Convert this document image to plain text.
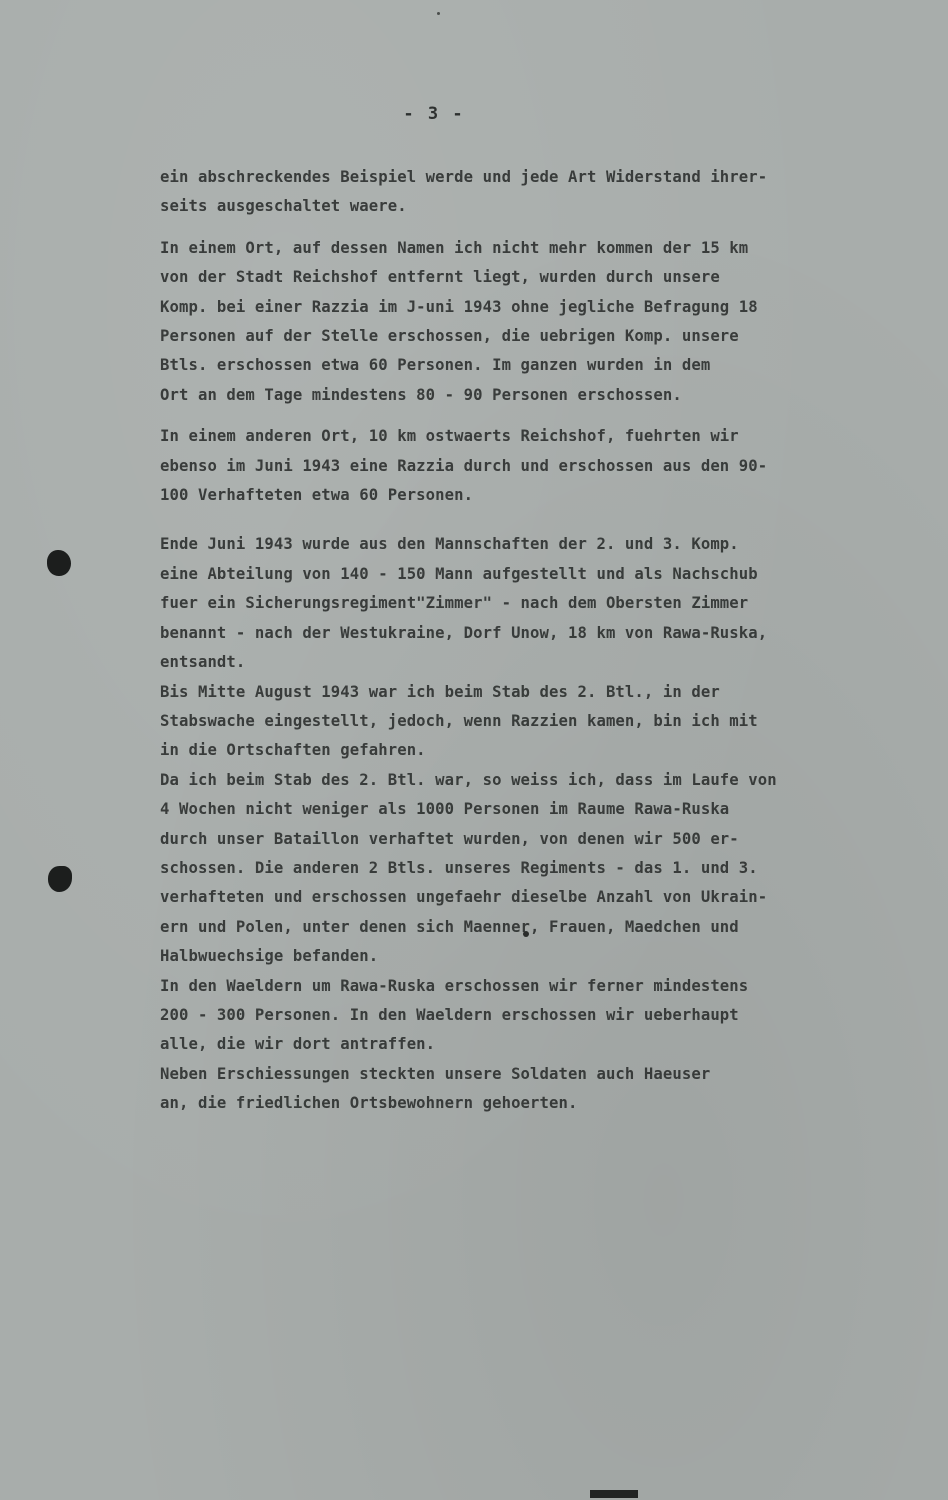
- 3 -
ein abschreckendes Beispiel werde und jede Art Widerstand ihrer-
seits ausgeschaltet waere.
In einem Ort, auf dessen Namen ich nicht mehr kommen der 15 km
von der Stadt Reichshof entfernt liegt, wurden durch unsere
Komp. bei einer Razzia im J-uni 1943 ohne jegliche Befragung 18
Personen auf der Stelle erschossen, die uebrigen Komp. unsere
Btls. erschossen etwa 60 Personen. Im ganzen wurden in dem
Ort an dem Tage mindestens 80 - 90 Personen erschossen.
In einem anderen Ort, 10 km ostwaerts Reichshof, fuehrten wir
ebenso im Juni 1943 eine Razzia durch und erschossen aus den 90-
100 Verhafteten etwa 60 Personen.
Ende Juni 1943 wurde aus den Mannschaften der 2. und 3. Komp.
eine Abteilung von 140 - 150 Mann aufgestellt und als Nachschub
fuer ein Sicherungsregiment"Zimmer" - nach dem Obersten Zimmer
benannt - nach der Westukraine, Dorf Unow, 18 km von Rawa-Ruska,
entsandt.
Bis Mitte August 1943 war ich beim Stab des 2. Btl., in der
Stabswache eingestellt, jedoch, wenn Razzien kamen, bin ich mit
in die Ortschaften gefahren.
Da ich beim Stab des 2. Btl. war, so weiss ich, dass im Laufe von
4 Wochen nicht weniger als 1000 Personen im Raume Rawa-Ruska
durch unser Bataillon verhaftet wurden, von denen wir 500 er-
schossen. Die anderen 2 Btls. unseres Regiments - das 1. und 3.
verhafteten und erschossen ungefaehr dieselbe Anzahl von Ukrain-
ern und Polen, unter denen sich Maenner, Frauen, Maedchen und
Halbwuechsige befanden.
In den Waeldern um Rawa-Ruska erschossen wir ferner mindestens
200 - 300 Personen. In den Waeldern erschossen wir ueberhaupt
alle, die wir dort antraffen.
Neben Erschiessungen steckten unsere Soldaten auch Haeuser
an, die friedlichen Ortsbewohnern gehoerten.
